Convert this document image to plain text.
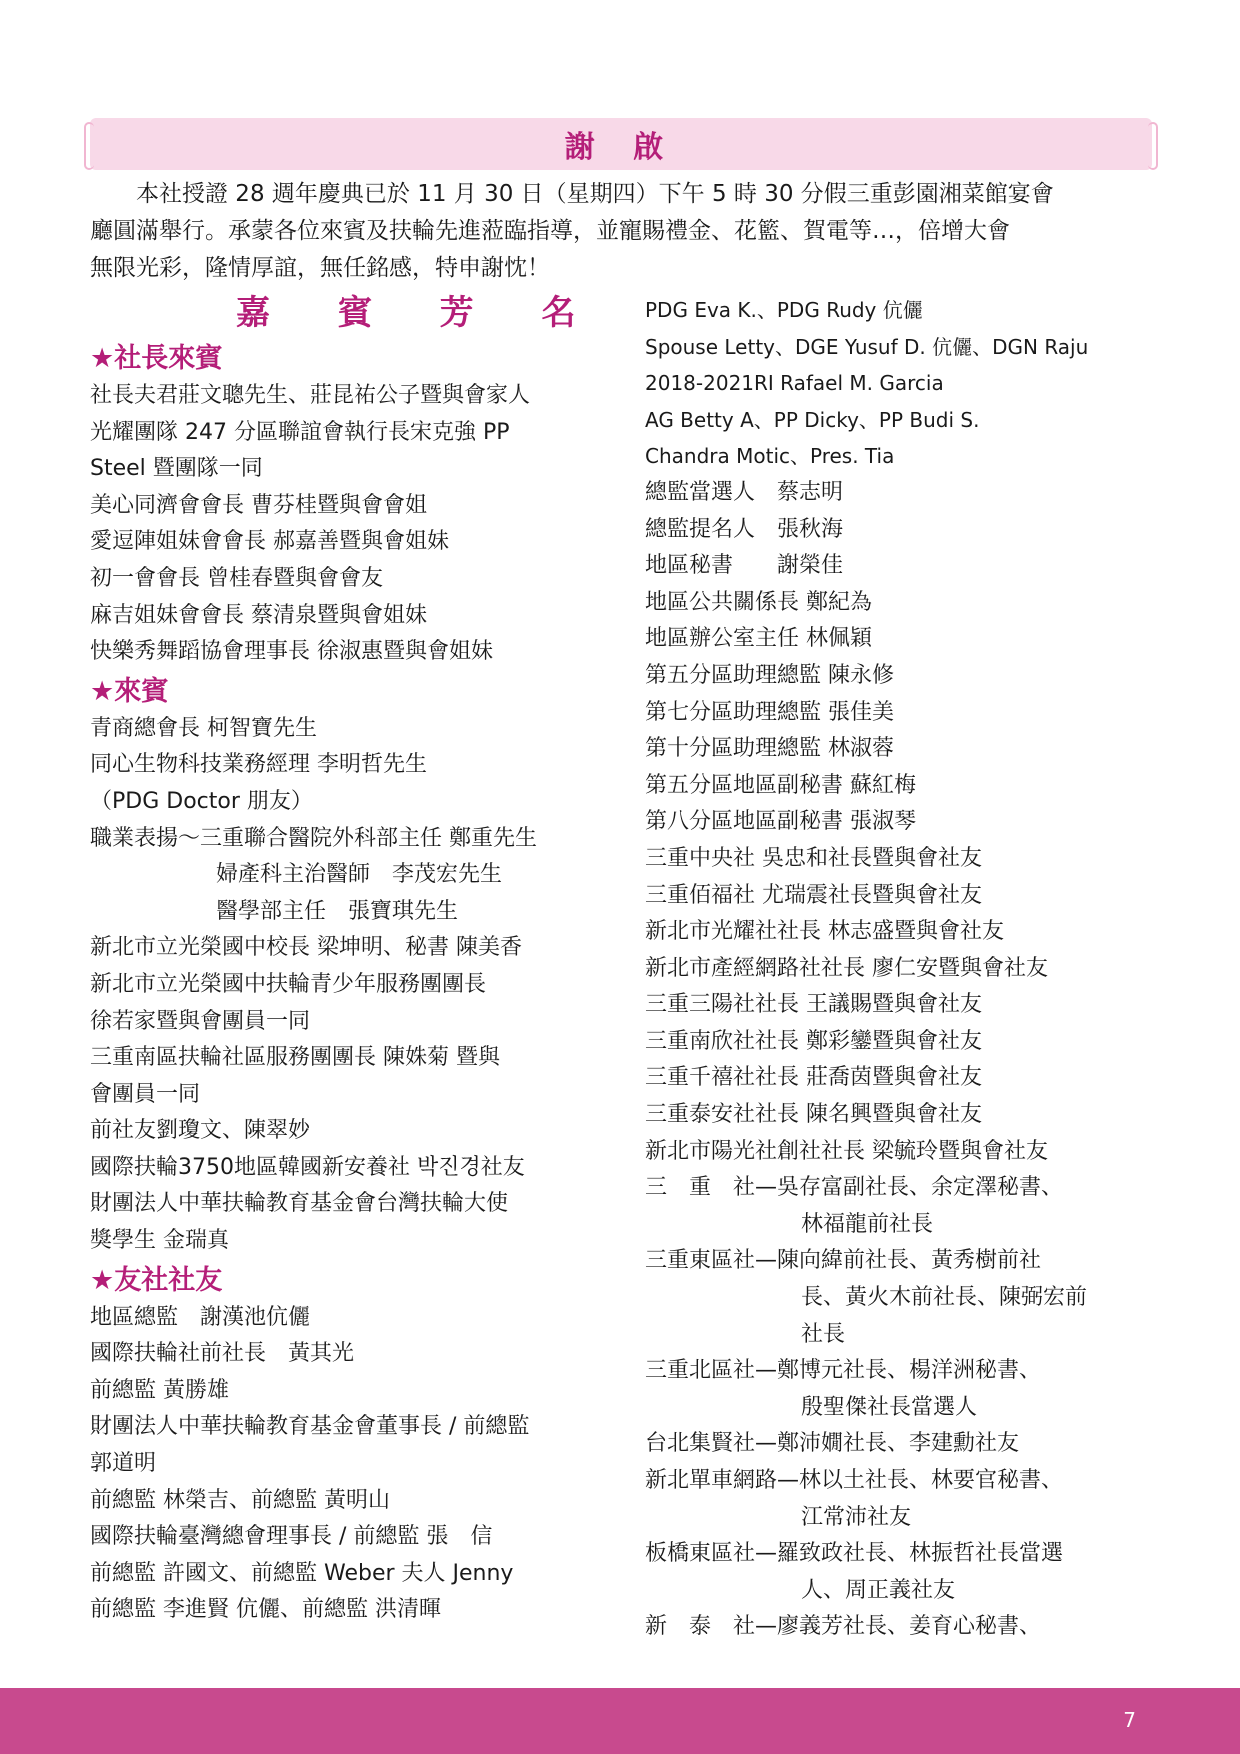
謝 啟
本社授證 28 週年慶典已於 11 月 30 日（星期四）下午 5 時 30 分假三重彭園湘菜館宴會
廳圓滿舉行。承蒙各位來賓及扶輪先進蒞臨指導，並寵賜禮金、花籃、賀電等…，倍增大會
無限光彩，隆情厚誼，無任銘感，特申謝忱！
嘉 賓 芳 名
★社長來賓
社長夫君莊文聰先生、莊昆祐公子暨與會家人
光耀團隊 247 分區聯誼會執行長宋克強 PP
Steel 暨團隊一同
美心同濟會會長 曹芬桂暨與會會姐
愛逗陣姐妹會會長 郝嘉善暨與會姐妹
初一會會長 曾桂春暨與會會友
麻吉姐妹會會長 蔡清泉暨與會姐妹
快樂秀舞蹈協會理事長 徐淑惠暨與會姐妹
★來賓
青商總會長 柯智寶先生
同心生物科技業務經理 李明哲先生
（PDG Doctor 朋友）
職業表揚～三重聯合醫院外科部主任 鄭重先生
婦產科主治醫師　李茂宏先生
醫學部主任　張寶琪先生
新北市立光榮國中校長 梁坤明、秘書 陳美香
新北市立光榮國中扶輪青少年服務團團長
徐若家暨與會團員一同
三重南區扶輪社區服務團團長 陳姝菊 暨與
會團員一同
前社友劉瓊文、陳翠妙
國際扶輪3750地區韓國新安養社 박진경社友
財團法人中華扶輪教育基金會台灣扶輪大使
獎學生 金瑞真
★友社社友
地區總監　謝漢池伉儷
國際扶輪社前社長　黃其光
前總監 黃勝雄
財團法人中華扶輪教育基金會董事長 / 前總監
郭道明
前總監 林榮吉、前總監 黃明山
國際扶輪臺灣總會理事長 / 前總監 張　信
前總監 許國文、前總監 Weber 夫人 Jenny
前總監 李進賢 伉儷、前總監 洪清暉
PDG Eva K.、PDG Rudy 伉儷
Spouse Letty、DGE Yusuf D. 伉儷、DGN Raju
2018-2021RI Rafael M. Garcia
AG Betty A、PP Dicky、PP Budi S.
Chandra Motic、Pres. Tia
總監當選人　蔡志明
總監提名人　張秋海
地區秘書　　謝榮佳
地區公共關係長 鄭紀為
地區辦公室主任 林佩穎
第五分區助理總監 陳永修
第七分區助理總監 張佳美
第十分區助理總監 林淑蓉
第五分區地區副秘書 蘇紅梅
第八分區地區副秘書 張淑琴
三重中央社 吳忠和社長暨與會社友
三重佰福社 尤瑞震社長暨與會社友
新北市光耀社社長 林志盛暨與會社友
新北市產經網路社社長 廖仁安暨與會社友
三重三陽社社長 王議賜暨與會社友
三重南欣社社長 鄭彩鑾暨與會社友
三重千禧社社長 莊喬茵暨與會社友
三重泰安社社長 陳名興暨與會社友
新北市陽光社創社社長 梁毓玲暨與會社友
三　重　社—吳存富副社長、余定澤秘書、
林福龍前社長
三重東區社—陳向緯前社長、黃秀樹前社
長、黃火木前社長、陳弼宏前
社長
三重北區社—鄭博元社長、楊洋洲秘書、
殷聖傑社長當選人
台北集賢社—鄭沛嫺社長、李建勳社友
新北單車網路—林以土社長、林要官秘書、
江常沛社友
板橋東區社—羅致政社長、林振哲社長當選
人、周正義社友
新　泰　社—廖義芳社長、姜育心秘書、
7
